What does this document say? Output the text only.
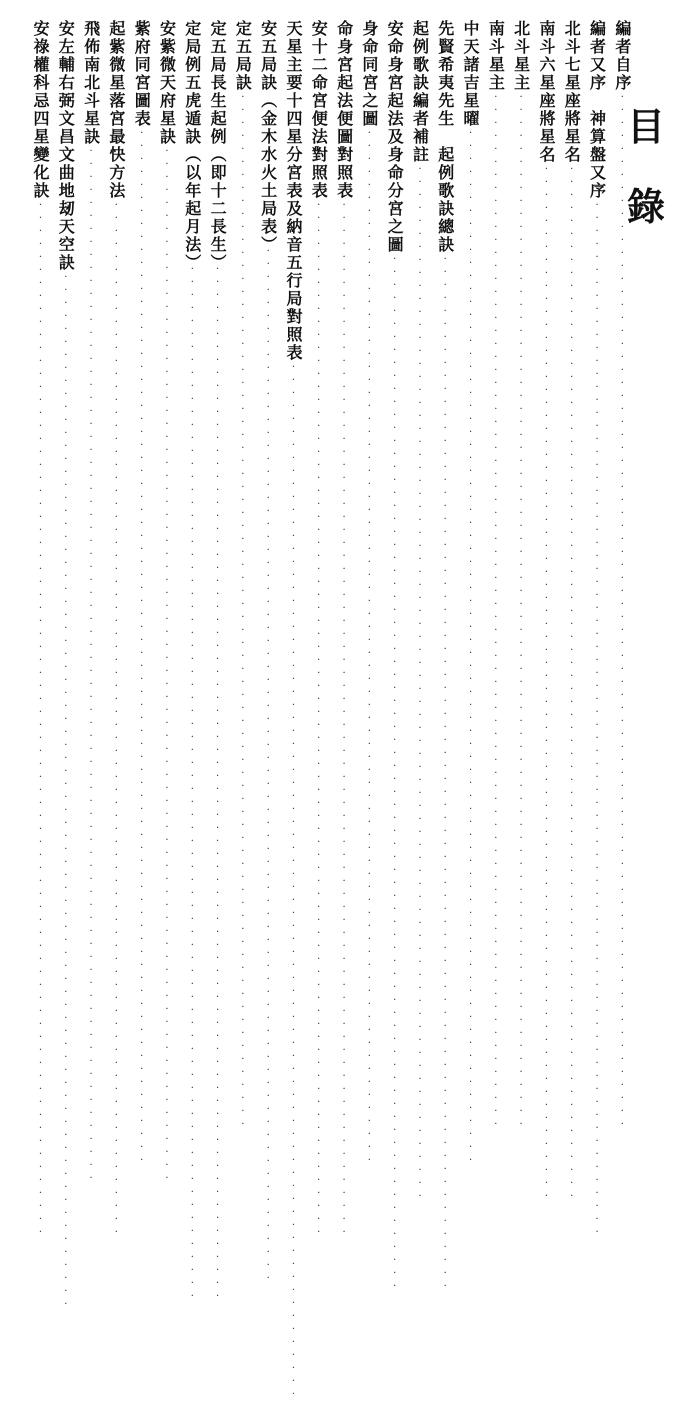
目
錄
編者自序················································································
編者又序　神算盤又序················································································
北斗七星座將星名················································································
南斗六星座將星名················································································
北斗星主················································································
南斗星主················································································
中天諸吉星曜················································································
先賢希夷先生　起例歌訣總訣················································································
起例歌訣編者補註················································································
安命身宮起法及身命分宮之圖················································································
身命同宮之圖················································································
命身宮起法便圖對照表················································································
安十二命宮便法對照表················································································
天星主要十四星分宮表及納音五行局對照表················································································
安五局訣（金木水火土局表）················································································
定五局訣················································································
定五局長生起例（即十二長生）················································································
定局例五虎遁訣（以年起月法）················································································
安紫微天府星訣················································································
紫府同宮圖表················································································
起紫微星落宮最快方法················································································
飛佈南北斗星訣················································································
安左輔右弼文昌文曲地刼天空訣················································································
安祿權科忌四星變化訣················································································
